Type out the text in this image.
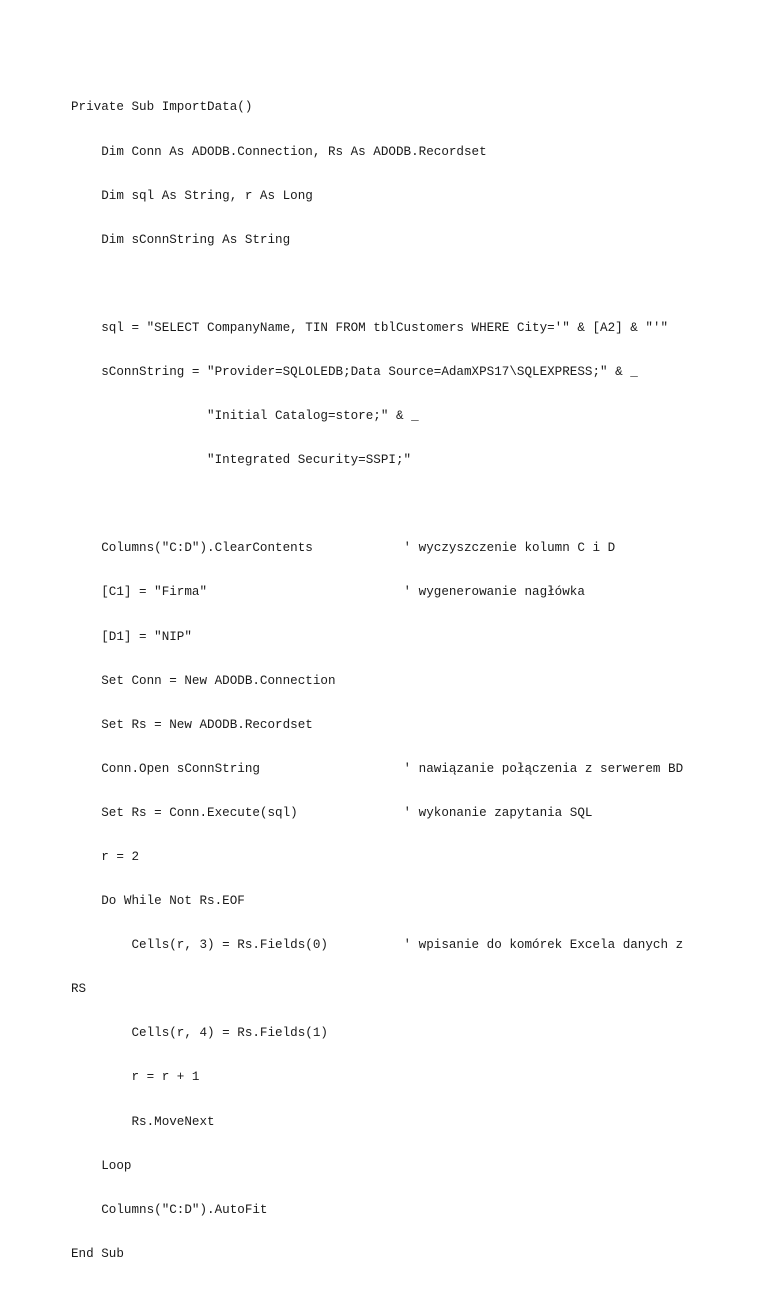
Private Sub ImportData()

Dim Conn As ADODB.Connection, Rs As ADODB.Recordset

Dim sql As String, r As Long

Dim sConnString As String

sql = "SELECT CompanyName, TIN FROM tblCustomers WHERE City='" & [A2] & "'"

sConnString = "Provider=SQLOLEDB;Data Source=AdamXPS17\SQLEXPRESS;" & _

"Initial Catalog=store;" & _

"Integrated Security=SSPI;"

Columns("C:D").ClearContents            ' wyczyszczenie kolumn C i D

[C1] = "Firma"                          ' wygenerowanie nagłówka

[D1] = "NIP"

Set Conn = New ADODB.Connection

Set Rs = New ADODB.Recordset

Conn.Open sConnString                   ' nawiązanie połączenia z serwerem BD

Set Rs = Conn.Execute(sql)              ' wykonanie zapytania SQL

r = 2

Do While Not Rs.EOF

Cells(r, 3) = Rs.Fields(0)          ' wpisanie do komórek Excela danych z

RS

Cells(r, 4) = Rs.Fields(1)

r = r + 1

Rs.MoveNext

Loop

Columns("C:D").AutoFit

End Sub
